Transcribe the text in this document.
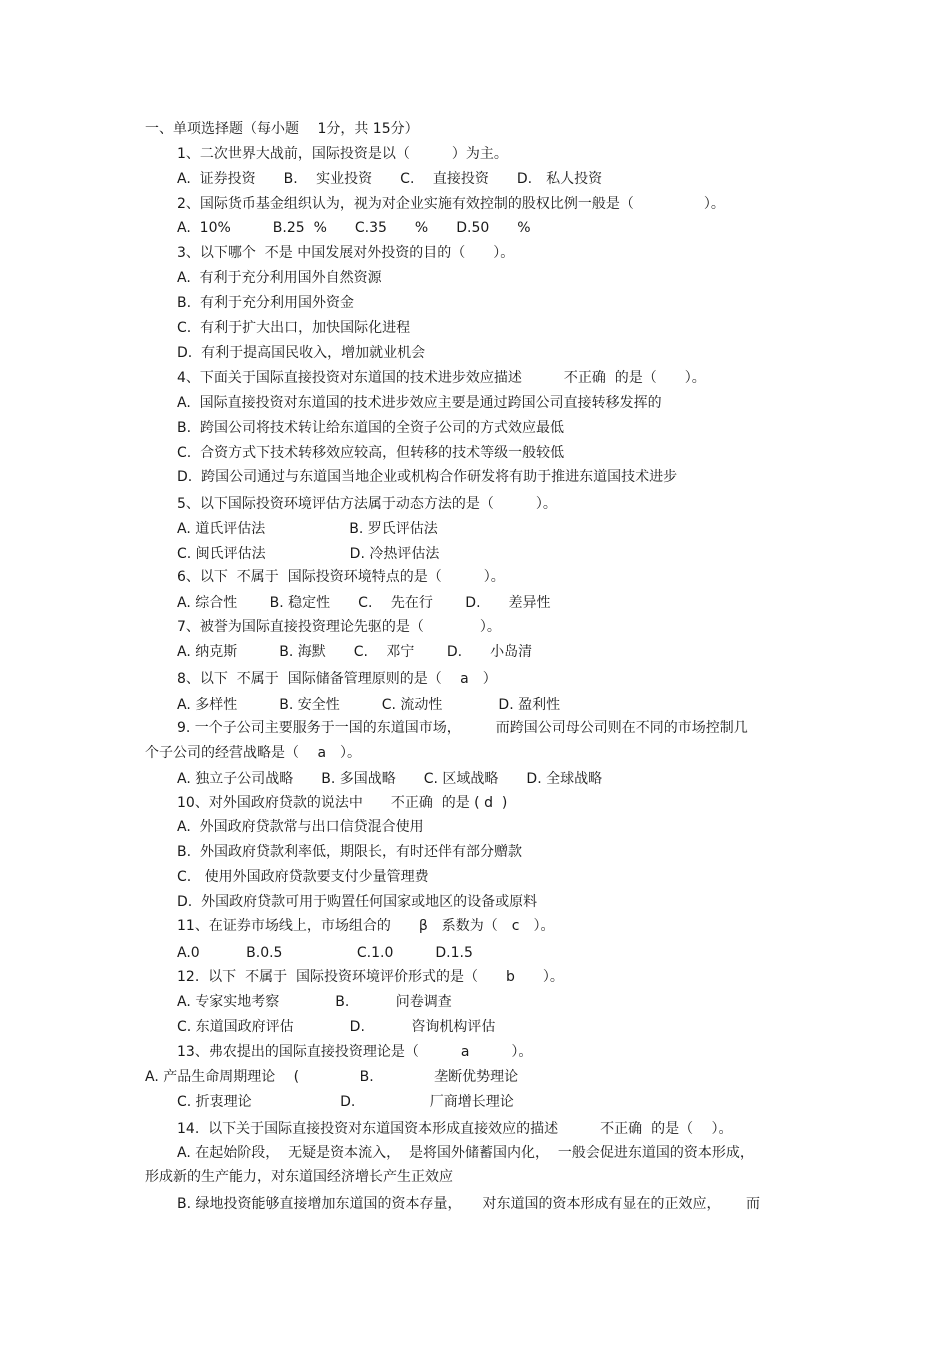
一、单项选择题（每小题　 1分，共 15分）
1、二次世界大战前，国际投资是以（　　　）为主。
A.  证券投资　　B.　 实业投资　　C.　 直接投资　　D.　私人投资
2、国际货币基金组织认为，视为对企业实施有效控制的股权比例一般是（　　　　　）。
A.  10%　　　B.25  %　　C.35　　%　　D.50　　%
3、以下哪个  不是 中国发展对外投资的目的（　　）。
A.  有利于充分利用国外自然资源
B.  有利于充分利用国外资金
C.  有利于扩大出口，加快国际化进程
D.  有利于提高国民收入，增加就业机会
4、下面关于国际直接投资对东道国的技术进步效应描述　　　不正确  的是（　　）。
A.  国际直接投资对东道国的技术进步效应主要是通过跨国公司直接转移发挥的
B.  跨国公司将技术转让给东道国的全资子公司的方式效应最低
C.  合资方式下技术转移效应较高，但转移的技术等级一般较低
D.  跨国公司通过与东道国当地企业或机构合作研发将有助于推进东道国技术进步
5、以下国际投资环境评估方法属于动态方法的是（　　　）。
A. 道氏评估法　　　　　　B. 罗氏评估法
C. 闽氏评估法　　　　　　D. 冷热评估法
6、以下  不属于  国际投资环境特点的是（　　　）。
A. 综合性　　 B. 稳定性　　C.　 先在行　　 D.　　差异性
7、被誉为国际直接投资理论先驱的是（　　　　）。
A. 纳克斯　　　B. 海默　　C.　 邓宁　　 D.　　小岛清
8、以下  不属于  国际储备管理原则的是（　 a　）
A. 多样性　　　B. 安全性　　　C. 流动性　　　　D. 盈利性
9. 一个子公司主要服务于一国的东道国市场，　　　而跨国公司母公司则在不同的市场控制几
个子公司的经营战略是（　 a　）。
A. 独立子公司战略　　B. 多国战略　　C. 区域战略　　D. 全球战略
10、对外国政府贷款的说法中　　不正确  的是 ( d  )
A.  外国政府贷款常与出口信贷混合使用
B.  外国政府贷款利率低，期限长，有时还伴有部分赠款
C.   使用外国政府贷款要支付少量管理费
D.  外国政府贷款可用于购置任何国家或地区的设备或原料
11、在证券市场线上，市场组合的　　β　系数为（　c　）。
A.0　　　 B.0.5　　　　　 C.1.0　　　D.1.5
12.  以下  不属于  国际投资环境评价形式的是（　　b　　）。
A. 专家实地考察　　　　B.　　　 问卷调查
C. 东道国政府评估　　　　D.　　　 咨询机构评估
13、弗农提出的国际直接投资理论是（　　　a　　　）。
A. 产品生命周期理论　 (　　　　 B.　　　　 垄断优势理论
C. 折衷理论　　　　　　 D.　　　　　 厂商增长理论
14.  以下关于国际直接投资对东道国资本形成直接效应的描述　　　不正确  的是（　 ）。
A. 在起始阶段，  无疑是资本流入，  是将国外储蓄国内化，  一般会促进东道国的资本形成，
形成新的生产能力，对东道国经济增长产生正效应
B. 绿地投资能够直接增加东道国的资本存量，　　对东道国的资本形成有显在的正效应，　　 而
